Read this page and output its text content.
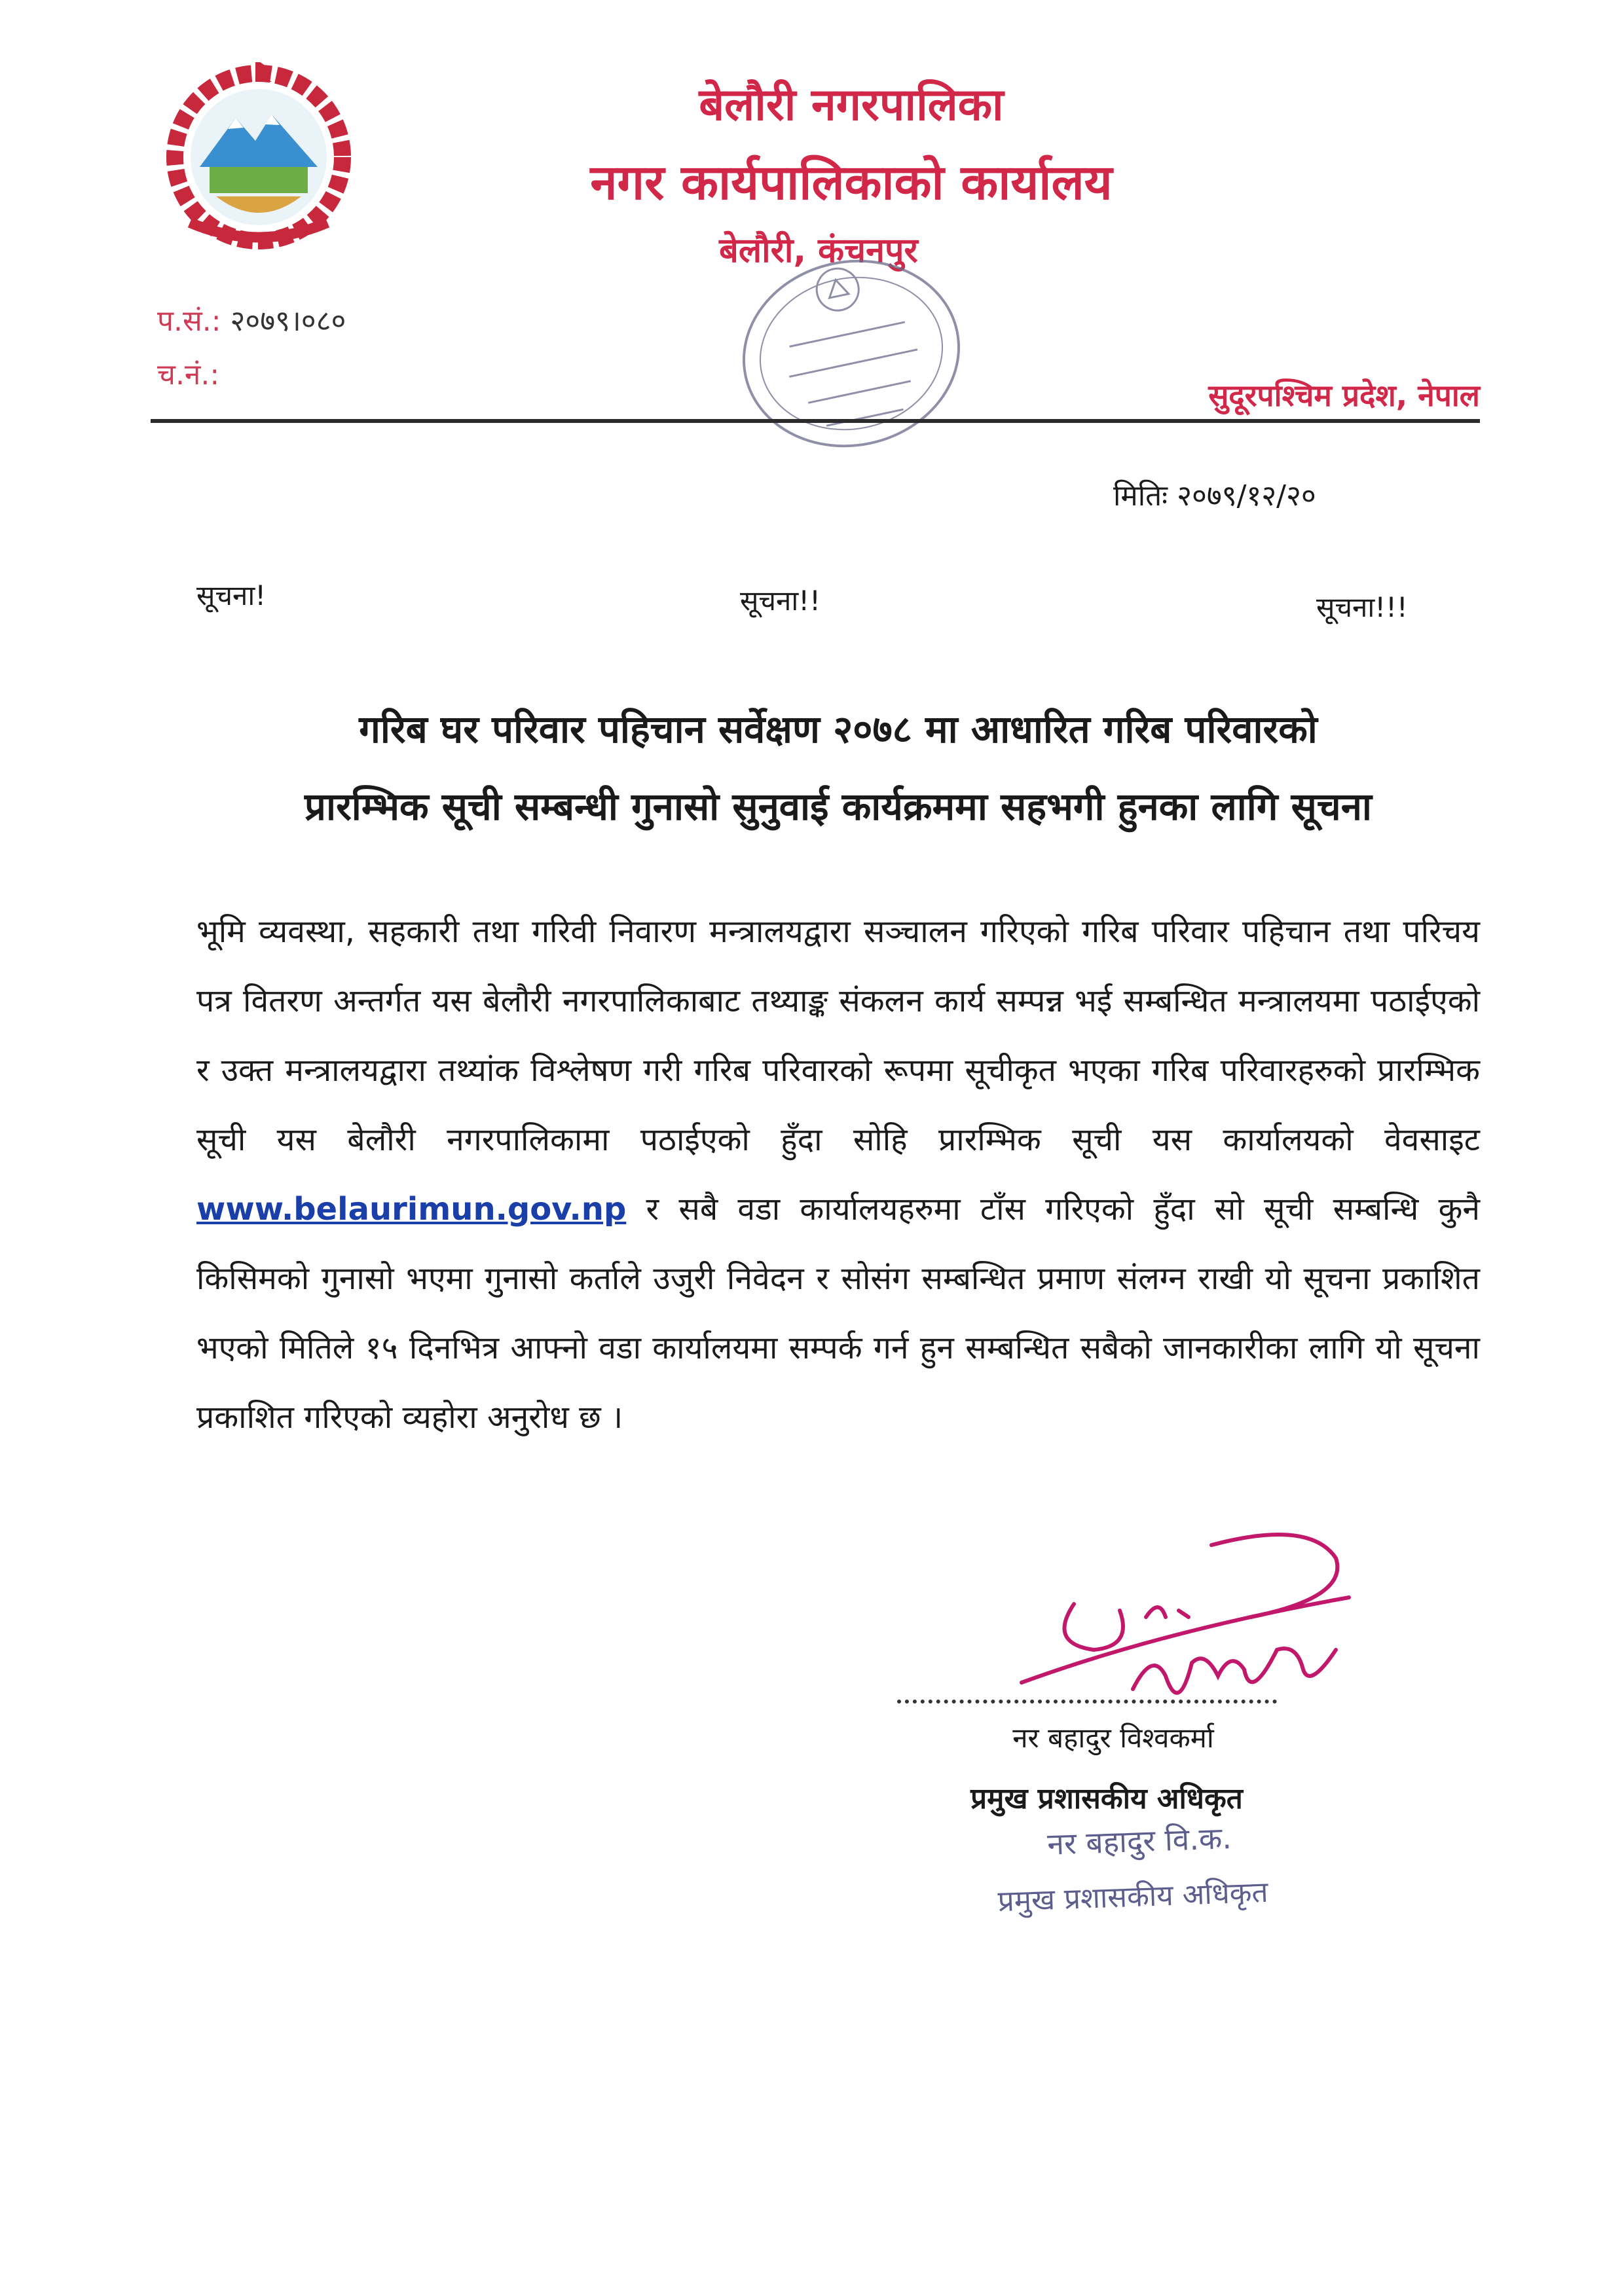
बेलौरी नगरपालिका
नगर कार्यपालिकाको कार्यालय
बेलौरी, कंचनपुर
प.सं.: २०७९।०८०
च.नं.:
सुदूरपश्चिम प्रदेश, नेपाल
मितिः २०७९/१२/२०
सूचना!	सूचना!!	सूचना!!!
गरिब घर परिवार पहिचान सर्वेक्षण २०७८ मा आधारित गरिब परिवारको
प्रारम्भिक सूची सम्बन्धी गुनासो सुनुवाई कार्यक्रममा सहभगी हुनका लागि सूचना
भूमि व्यवस्था, सहकारी तथा गरिवी निवारण मन्त्रालयद्वारा सञ्चालन गरिएको गरिब परिवार पहिचान तथा परिचय पत्र वितरण अन्तर्गत यस बेलौरी नगरपालिकाबाट तथ्याङ्क संकलन कार्य सम्पन्न भई सम्बन्धित मन्त्रालयमा पठाईएको र उक्त मन्त्रालयद्वारा तथ्यांक विश्लेषण गरी गरिब परिवारको रूपमा सूचीकृत भएका गरिब परिवारहरुको प्रारम्भिक सूची यस बेलौरी नगरपालिकामा पठाईएको हुँदा सोहि प्रारम्भिक सूची यस कार्यालयको वेवसाइट www.belaurimun.gov.np र सबै वडा कार्यालयहरुमा टाँस गरिएको हुँदा सो सूची सम्बन्धि कुनै किसिमको गुनासो भएमा गुनासो कर्ताले उजुरी निवेदन र सोसंग सम्बन्धित प्रमाण संलग्न राखी यो सूचना प्रकाशित भएको मितिले १५ दिनभित्र आफ्नो वडा कार्यालयमा सम्पर्क गर्न हुन सम्बन्धित सबैको जानकारीका लागि यो सूचना प्रकाशित गरिएको व्यहोरा अनुरोध छ ।
नर बहादुर विश्वकर्मा
प्रमुख प्रशासकीय अधिकृत
नर बहादुर वि.क.
प्रमुख प्रशासकीय अधिकृत
